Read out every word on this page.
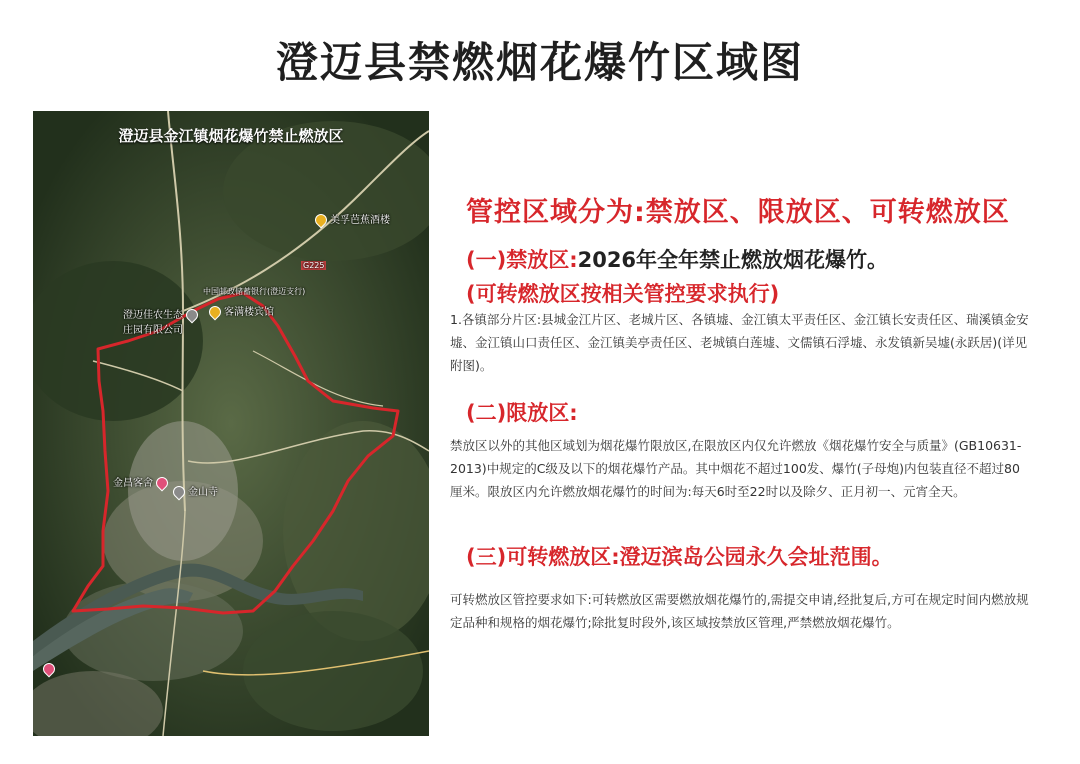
澄迈县禁燃烟花爆竹区域图
澄迈县金江镇烟花爆竹禁止燃放区
美孚芭蕉酒楼
澄迈佳农生态
庄园有限公司
中国邮政储蓄银行(澄迈支行)
客满楼宾馆
G225
金昌客舍
金山寺
管控区域分为:禁放区、限放区、可转燃放区
(一)禁放区:2026年全年禁止燃放烟花爆竹。
(可转燃放区按相关管控要求执行)
1.各镇部分片区:县城金江片区、老城片区、各镇墟、金江镇太平责任区、金江镇长安责任区、瑞溪镇金安墟、金江镇山口责任区、金江镇美亭责任区、老城镇白莲墟、文儒镇石浮墟、永发镇新吴墟(永跃居)(详见附图)。
(二)限放区:
禁放区以外的其他区域划为烟花爆竹限放区,在限放区内仅允许燃放《烟花爆竹安全与质量》(GB10631-2013)中规定的C级及以下的烟花爆竹产品。其中烟花不超过100发、爆竹(子母炮)内包装直径不超过80厘米。限放区内允许燃放烟花爆竹的时间为:每天6时至22时以及除夕、正月初一、元宵全天。
(三)可转燃放区:澄迈滨岛公园永久会址范围。
可转燃放区管控要求如下:可转燃放区需要燃放烟花爆竹的,需提交申请,经批复后,方可在规定时间内燃放规定品种和规格的烟花爆竹;除批复时段外,该区域按禁放区管理,严禁燃放烟花爆竹。
